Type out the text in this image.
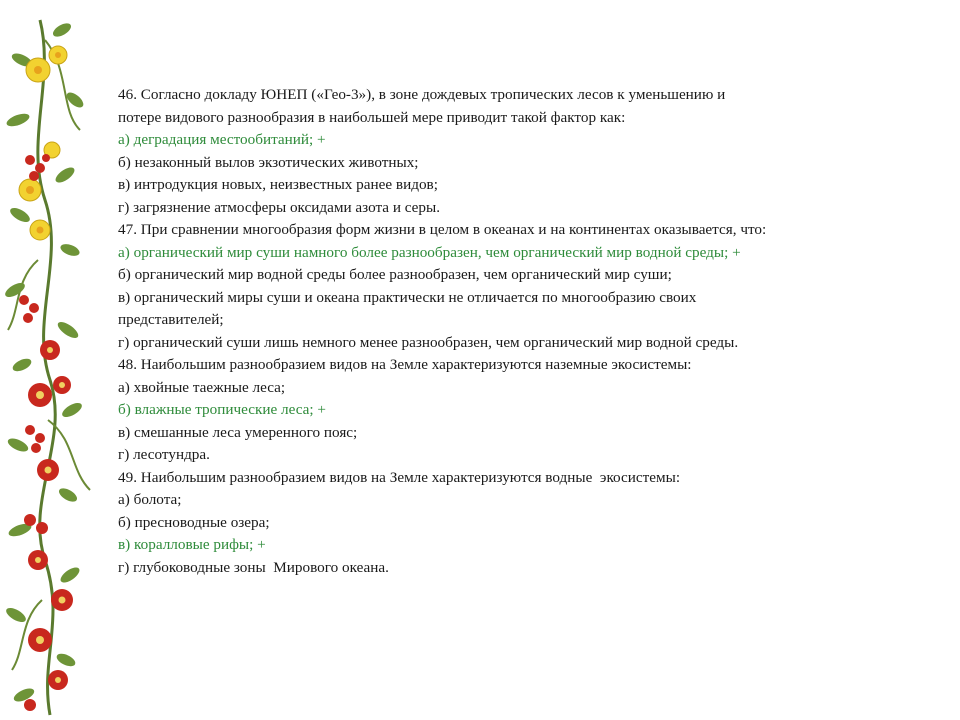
46. Согласно докладу ЮНЕП («Гео-3»), в зоне дождевых тропических лесов к уменьшению и

потере видового разнообразия в наибольшей мере приводит такой фактор как:

а) деградация местообитаний; +

б) незаконный вылов экзотических животных;

в) интродукция новых, неизвестных ранее видов;

г) загрязнение атмосферы оксидами азота и серы.

47. При сравнении многообразия форм жизни в целом в океанах и на континентах оказывается, что:

а) органический мир суши намного более разнообразен, чем органический мир водной среды; +

б) органический мир водной среды более разнообразен, чем органический мир суши;

в) органический миры суши и океана практически не отличается по многообразию своих

представителей;

г) органический суши лишь немного менее разнообразен, чем органический мир водной среды.

48. Наибольшим разнообразием видов на Земле характеризуются наземные экосистемы:

а) хвойные таежные леса;

б) влажные тропические леса; +

в) смешанные леса умеренного пояс;

г) лесотундра.

49. Наибольшим разнообразием видов на Земле характеризуются водные  экосистемы:

а) болота;

б) пресноводные озера;

в) коралловые рифы; +

г) глубоководные зоны  Мирового океана.
